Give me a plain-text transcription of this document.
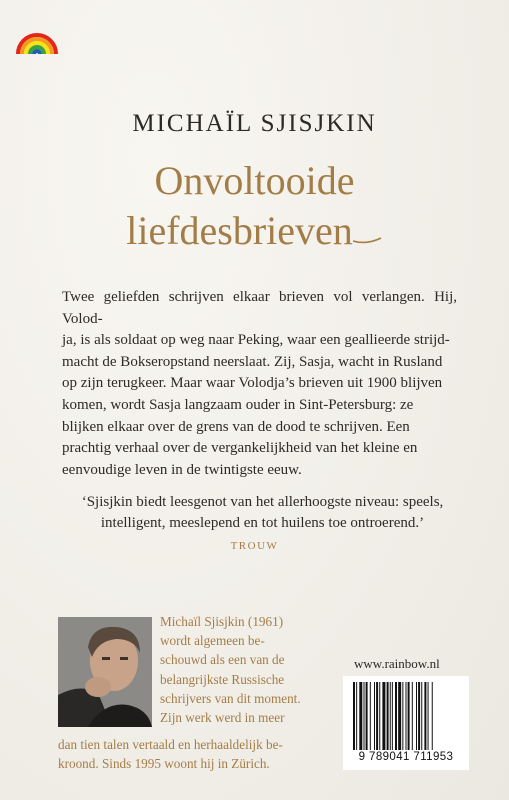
MICHAÏL SJISJKIN
Onvoltooide
liefdesbrieven
Twee geliefden schrijven elkaar brieven vol verlangen. Hij, Volod-
ja, is als soldaat op weg naar Peking, waar een geallieerde strijd-
macht de Bokseropstand neerslaat. Zij, Sasja, wacht in Rusland
op zijn terugkeer. Maar waar Volodja’s brieven uit 1900 blijven
komen, wordt Sasja langzaam ouder in Sint-Petersburg: ze
blijken elkaar over de grens van de dood te schrijven. Een
prachtig verhaal over de vergankelijkheid van het kleine en
eenvoudige leven in de twintigste eeuw.
‘Sjisjkin biedt leesgenot van het allerhoogste niveau: speels,
intelligent, meeslepend en tot huilens toe ontroerend.’
TROUW
Michaïl Sjisjkin (1961)
wordt algemeen be-
schouwd als een van de
belangrijkste Russische
schrijvers van dit moment.
Zijn werk werd in meer
dan tien talen vertaald en herhaaldelijk be-
kroond. Sinds 1995 woont hij in Zürich.
www.rainbow.nl
9 789041 711953
